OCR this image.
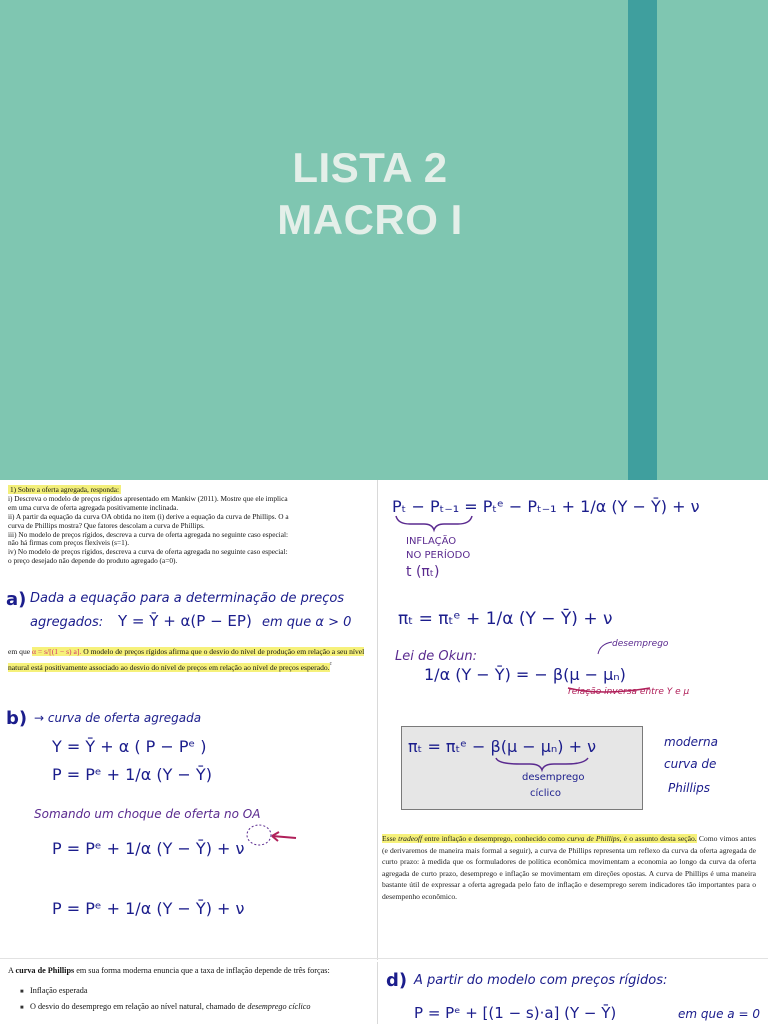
LISTA 2
MACRO I
1) Sobre a oferta agregada, responda:
i) Descreva o modelo de preços rígidos apresentado em Mankiw (2011). Mostre que ele implica
em uma curva de oferta agregada positivamente inclinada.
ii) A partir da equação da curva OA obtida no item (i) derive a equação da curva de Phillips. O a
curva de Phillips mostra? Que fatores descolam a curva de Phillips.
iii) No modelo de preços rígidos, descreva a curva de oferta agregada no seguinte caso especial:
não há firmas com preços flexíveis (s=1).
iv) No modelo de preços rígidos, descreva a curva de oferta agregada no seguinte caso especial:
o preço desejado não depende do produto agregado (a=0).
em que α = s/[(1 − s) a]. O modelo de preços rígidos afirma que o desvio do nível de produção em relação a seu nível natural está positivamente associado ao desvio do nível de preços em relação ao nível de preços esperado.$^{^2}$
Esse tradeoff entre inflação e desemprego, conhecido como curva de Phillips, é o assunto desta seção. Como vimos antes (e derivaremos de maneira mais formal a seguir), a curva de Phillips representa um reflexo da curva da oferta agregada de curto prazo: à medida que os formuladores de política econômica movimentam a economia ao longo da curva da oferta agregada de curto prazo, desemprego e inflação se movimentam em direções opostas. A curva de Phillips é uma maneira bastante útil de expressar a oferta agregada pelo fato de inflação e desemprego serem indicadores tão importantes para o desempenho econômico.
A curva de Phillips em sua forma moderna enuncia que a taxa de inflação depende de três forças:
■ Inflação esperada
■ O desvio do desemprego em relação ao nível natural, chamado de desemprego cíclico
a) Dada a equação para a determinação de preços
agregados: Y = Ȳ + α(P − EP) em que α > 0
b) → curva de oferta agregada
Y = Ȳ + α ( P − Pᵉ )
P = Pᵉ + 1/α (Y − Ȳ)
Somando um choque de oferta no OA
P = Pᵉ + 1/α (Y − Ȳ) + ν
P = Pᵉ + 1/α (Y − Ȳ) + ν
Pₜ − Pₜ₋₁ = Pₜᵉ − Pₜ₋₁ + 1/α (Y − Ȳ) + ν
INFLAÇÃO
NO PERÍODO
t (πₜ)
πₜ = πₜᵉ + 1/α (Y − Ȳ) + ν
Lei de Okun:
desemprego
1/α (Y − Ȳ) = − β(μ − μₙ)
relação inversa entre Y e μ
πₜ = πₜᵉ − β(μ − μₙ) + ν
desemprego
cíclico
moderna
curva de
Phillips
d) A partir do modelo com preços rígidos:
P = Pᵉ + [(1 − s)·a] (Y − Ȳ)	em que a = 0
